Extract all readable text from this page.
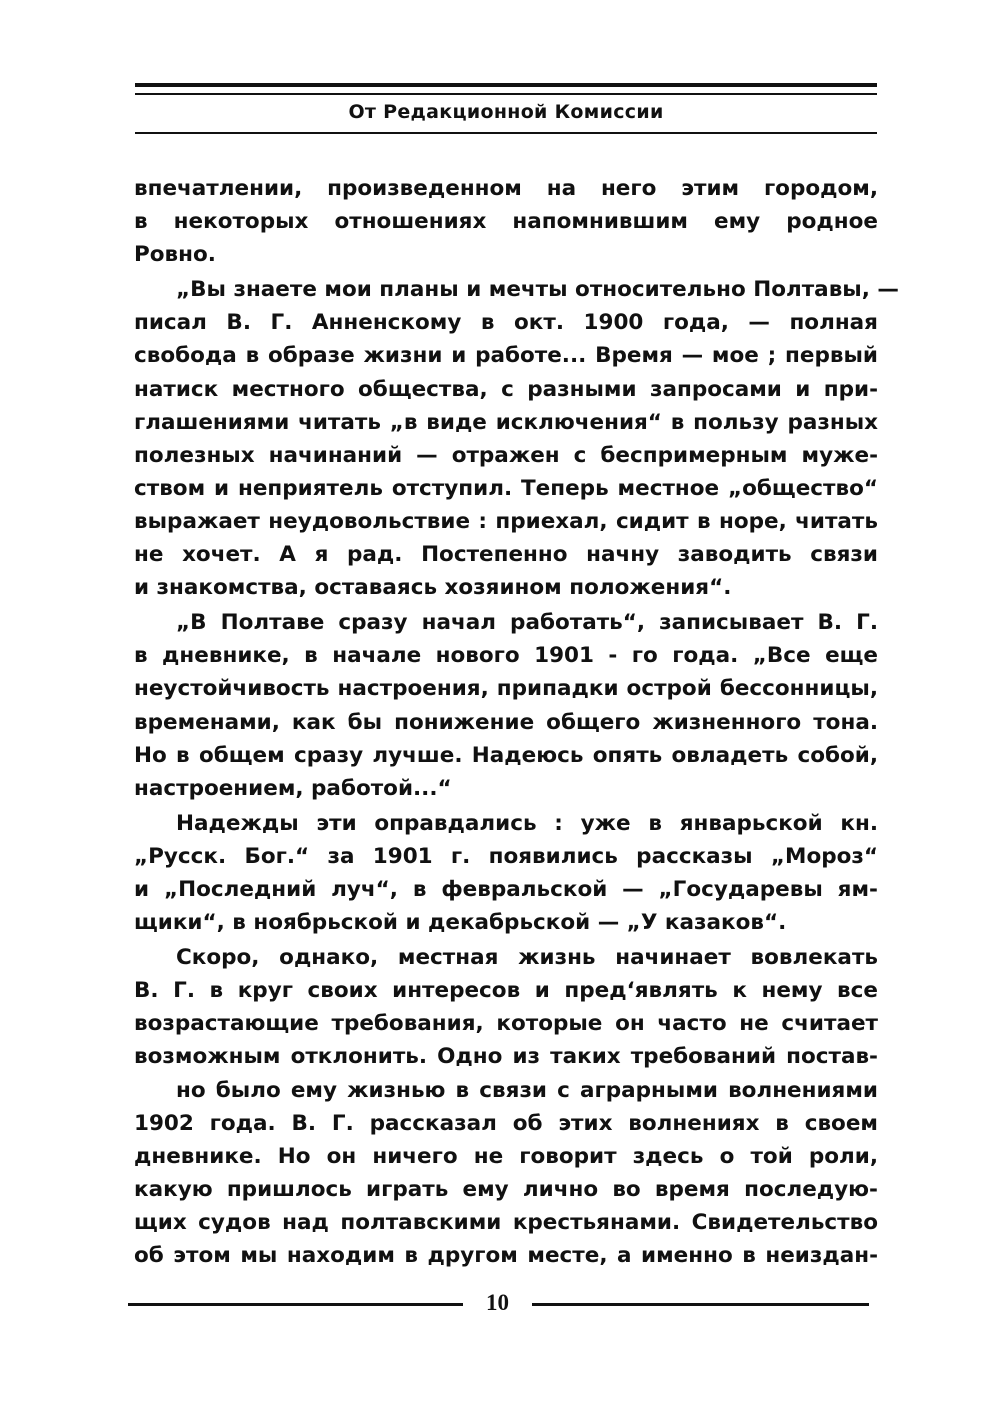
От Редакционной Комиссии
впечатлении, произведенном на него этим городом,
в некоторых отношениях напомнившим ему родное
Ровно.
„Вы знаете мои планы и мечты относительно Полтавы, —
писал В. Г. Анненскому в окт. 1900 года, — полная
свобода в образе жизни и работе... Время — мое ; первый
натиск местного общества, с разными запросами и при-
глашениями читать „в виде исключения“ в пользу разных
полезных начинаний — отражен с беспримерным муже-
ством и неприятель отступил. Теперь местное „общество“
выражает неудовольствие : приехал, сидит в норе, читать
не хочет. А я рад. Постепенно начну заводить связи
и знакомства, оставаясь хозяином положения“.
„В Полтаве сразу начал работать“, записывает В. Г.
в дневнике, в начале нового 1901 - го года. „Все еще
неустойчивость настроения, припадки острой бессонницы,
временами, как бы понижение общего жизненного тона.
Но в общем сразу лучше. Надеюсь опять овладеть собой,
настроением, работой...“
Надежды эти оправдались : уже в январьской кн.
„Русск. Бог.“ за 1901 г. появились рассказы „Мороз“
и „Последний луч“, в февральской — „Государевы ям-
щики“, в ноябрьской и декабрьской — „У казаков“.
Скоро, однако, местная жизнь начинает вовлекать
В. Г. в круг своих интересов и пред‘являть к нему все
возрастающие требования, которые он часто не считает
возможным отклонить. Одно из таких требований постав-
но было ему жизнью в связи с аграрными волнениями
1902 года. В. Г. рассказал об этих волнениях в своем
дневнике. Но он ничего не говорит здесь о той роли,
какую пришлось играть ему лично во время последую-
щих судов над полтавскими крестьянами. Свидетельство
об этом мы находим в другом месте, а именно в неиздан-
10
